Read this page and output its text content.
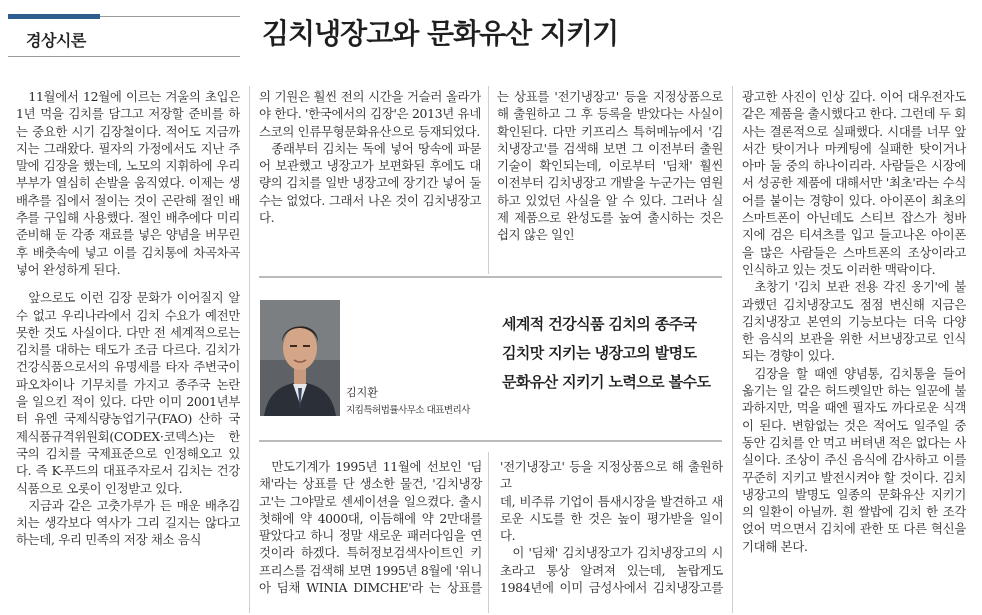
경상시론	김치냉장고와 문화유산 지키기

11월에서 12월에 이르는 겨울의 초입은 1년 먹을 김치를 담그고 저장할 준비를 하는 중요한 시기 김장철이다. 적어도 지금까지는 그래왔다. 필자의 가정에서도 지난 주말에 김장을 했는데, 노모의 지휘하에 우리 부부가 열심히 손발을 움직였다. 이제는 생배추를 집에서 절이는 것이 곤란해 절인 배추를 구입해 사용했다. 절인 배추에다 미리 준비해 둔 각종 재료를 넣은 양념을 버무린 후 배춧속에 넣고 이를 김치통에 차곡차곡 넣어 완성하게 된다.

앞으로도 이런 김장 문화가 이어질지 알 수 없고 우리나라에서 김치 수요가 예전만 못한 것도 사실이다. 다만 전 세계적으로는 김치를 대하는 태도가 조금 다르다. 김치가 건강식품으로서의 유명세를 타자 주변국이 파오차이나 기무치를 가지고 종주국 논란을 일으킨 적이 있다. 다만 이미 2001년부터 유엔 국제식량농업기구(FAO) 산하 국제식품규격위원회(CODEX·코덱스)는 한국의 김치를 국제표준으로 인정해오고 있다. 즉 K-푸드의 대표주자로서 김치는 건강식품으로 오롯이 인정받고 있다.

지금과 같은 고춧가루가 든 매운 배추김치는 생각보다 역사가 그리 길지는 않다고 하는데, 우리 민족의 저장 채소 음식

의 기원은 훨씬 전의 시간을 거슬러 올라가야 한다. '한국에서의 김장'은 2013년 유네스코의 인류무형문화유산으로 등재되었다.

종래부터 김치는 독에 넣어 땅속에 파묻어 보관했고 냉장고가 보편화된 후에도 대량의 김치를 일반 냉장고에 장기간 넣어 둘 수는 없었다. 그래서 나온 것이 김치냉장고다.

는 상표를 '전기냉장고' 등을 지정상품으로 해 출원하고 그 후 등록을 받았다는 사실이 확인된다. 다만 키프리스 특허메뉴에서 '김치냉장고'를 검색해 보면 그 이전부터 출원기술이 확인되는데, 이로부터 '딤채' 훨씬 이전부터 김치냉장고 개발을 누군가는 염원하고 있었던 사실을 알 수 있다. 그러나 실제 제품으로 완성도를 높여 출시하는 것은 쉽지 않은 일인

김지환
지킴특허법률사무소 대표변리사
세계적 건강식품 김치의 종주국
김치맛 지키는 냉장고의 발명도
문화유산 지키기 노력으로 볼수도

만도기계가 1995년 11월에 선보인 '딤채'라는 상표를 단 생소한 물건, '김치냉장고'는 그야말로 센세이션을 일으켰다. 출시 첫해에 약 4000대, 이듬해에 약 2만대를 팔았다고 하니 정말 새로운 패러다임을 연 것이라 하겠다. 특허정보검색사이트인 키프리스를 검색해 보면 1995년 8월에 '위니아 딤채 WINIA DIMCHE'라 는 상표를 '전기냉장고' 등을 지정상품으로 해 출원하고

데, 비주류 기업이 틈새시장을 발견하고 새로운 시도를 한 것은 높이 평가받을 일이다.

이 '딤채' 김치냉장고가 김치냉장고의 시초라고 통상 알려져 있는데, 놀랍게도 1984년에 이미 금성사에서 김치냉장고를

광고한 사진이 인상 깊다. 이어 대우전자도 같은 제품을 출시했다고 한다. 그런데 두 회사는 결론적으로 실패했다. 시대를 너무 앞서간 탓이거나 마케팅에 실패한 탓이거나 아마 둘 중의 하나이리라. 사람들은 시장에서 성공한 제품에 대해서만 '최초'라는 수식어를 붙이는 경향이 있다. 아이폰이 최초의 스마트폰이 아닌데도 스티브 잡스가 청바지에 검은 티셔츠를 입고 들고나온 아이폰을 많은 사람들은 스마트폰의 조상이라고 인식하고 있는 것도 이러한 맥락이다.

초창기 '김치 보관 전용 각진 옹기'에 불과했던 김치냉장고도 점점 변신해 지금은 김치냉장고 본연의 기능보다는 더욱 다양한 음식의 보관을 위한 서브냉장고로 인식되는 경향이 있다.

김장을 할 때엔 양념통, 김치통을 들어 옮기는 일 같은 허드렛일만 하는 일꾼에 불과하지만, 먹을 때엔 필자도 까다로운 식객이 된다. 변함없는 것은 적어도 일주일 중 동안 김치를 안 먹고 버텨낸 적은 없다는 사실이다. 조상이 주신 음식에 감사하고 이를 꾸준히 지키고 발전시켜야 할 것이다. 김치냉장고의 발명도 일종의 문화유산 지키기의 일환이 아닐까. 흰 쌀밥에 김치 한 조각 얹어 먹으면서 김치에 관한 또 다른 혁신을 기대해 본다.
